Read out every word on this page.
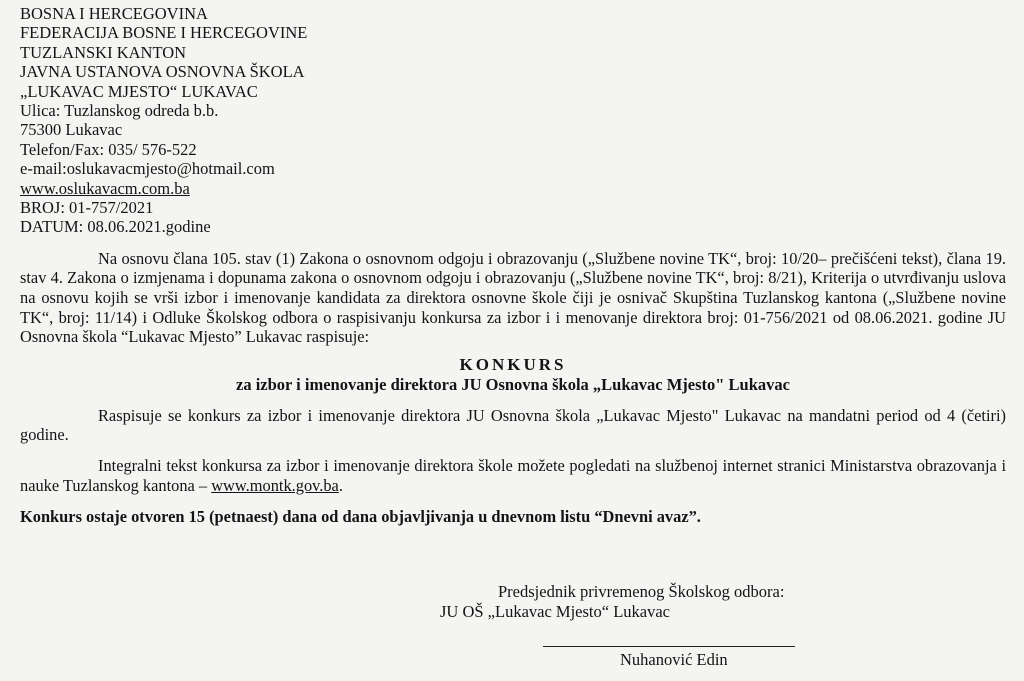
BOSNA I HERCEGOVINA
FEDERACIJA BOSNE I HERCEGOVINE
TUZLANSKI KANTON
JAVNA USTANOVA OSNOVNA ŠKOLA
„LUKAVAC MJESTO“ LUKAVAC
Ulica: Tuzlanskog odreda b.b.
75300 Lukavac
Telefon/Fax: 035/ 576-522
e-mail:oslukavacmjesto@hotmail.com
www.oslukavacm.com.ba
BROJ: 01-757/2021
DATUM: 08.06.2021.godine

Na osnovu člana 105. stav (1) Zakona o osnovnom odgoju i obrazovanju („Službene novine TK“, broj: 10/20– prečišćeni tekst), člana 19. stav 4. Zakona o izmjenama i dopunama zakona o osnovnom odgoju i obrazovanju („Službene novine TK“, broj: 8/21), Kriterija o utvrđivanju uslova na osnovu kojih se vrši izbor i imenovanje kandidata za direktora osnovne škole čiji je osnivač Skupština Tuzlanskog kantona („Službene novine TK“, broj: 11/14) i Odluke Školskog odbora o raspisivanju konkursa za izbor i i menovanje direktora broj: 01-756/2021 od 08.06.2021. godine JU Osnovna škola “Lukavac Mjesto” Lukavac raspisuje:

KONKURS
za izbor i imenovanje direktora JU Osnovna škola „Lukavac Mjesto" Lukavac

Raspisuje se konkurs za izbor i imenovanje direktora JU Osnovna škola „Lukavac Mjesto" Lukavac na mandatni period od 4 (četiri) godine.

Integralni tekst konkursa za izbor i imenovanje direktora škole možete pogledati na službenoj internet stranici Ministarstva obrazovanja i nauke Tuzlanskog kantona – www.montk.gov.ba.

Konkurs ostaje otvoren 15 (petnaest) dana od dana objavljivanja u dnevnom listu “Dnevni avaz”.

Predsjednik privremenog Školskog odbora:
JU OŠ „Lukavac Mjesto“ Lukavac
Nuhanović Edin
